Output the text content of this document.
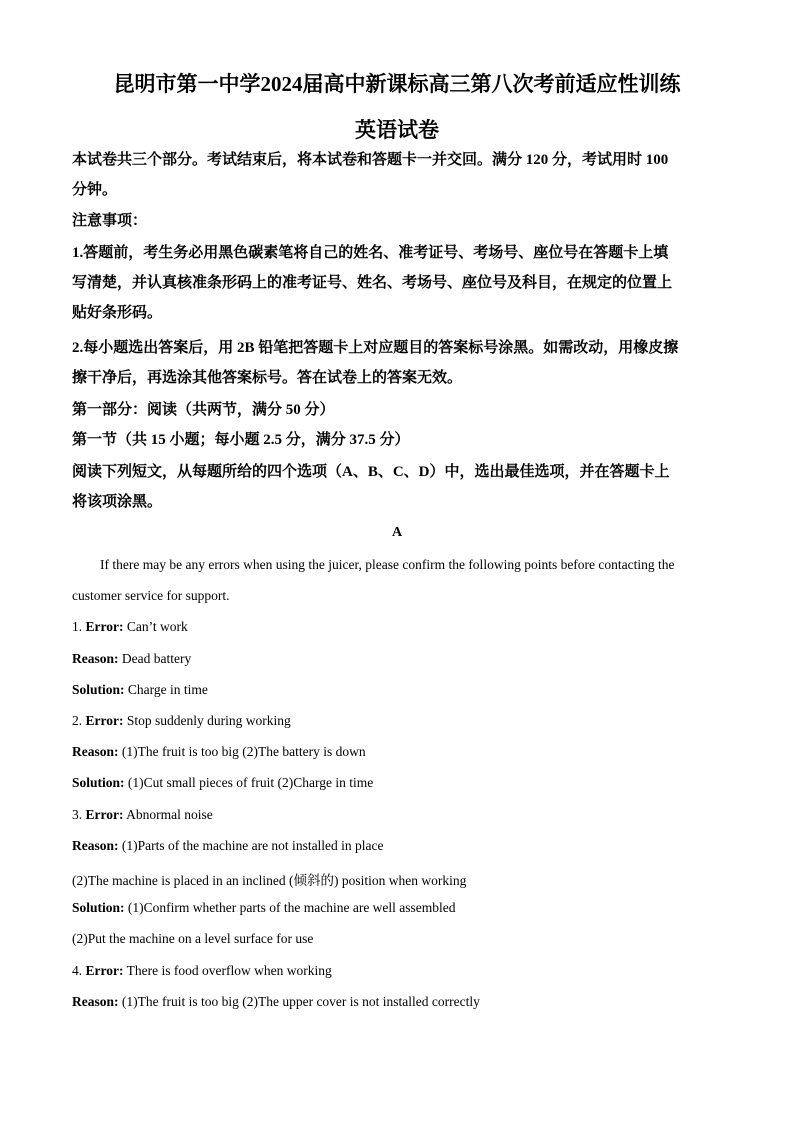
昆明市第一中学2024届高中新课标高三第八次考前适应性训练
英语试卷
本试卷共三个部分。考试结束后，将本试卷和答题卡一并交回。满分 120 分，考试用时 100
分钟。
注意事项：
1.答题前，考生务必用黑色碳素笔将自己的姓名、准考证号、考场号、座位号在答题卡上填
写清楚，并认真核准条形码上的准考证号、姓名、考场号、座位号及科目，在规定的位置上
贴好条形码。
2.每小题选出答案后，用 2B 铅笔把答题卡上对应题目的答案标号涂黑。如需改动，用橡皮擦
擦干净后，再选涂其他答案标号。答在试卷上的答案无效。
第一部分：阅读（共两节，满分 50 分）
第一节（共 15 小题；每小题 2.5 分，满分 37.5 分）
阅读下列短文，从每题所给的四个选项（A、B、C、D）中，选出最佳选项，并在答题卡上
将该项涂黑。
A
If there may be any errors when using the juicer, please confirm the following points before contacting the
customer service for support.
1. Error: Can’t work
Reason: Dead battery
Solution: Charge in time
2. Error: Stop suddenly during working
Reason: (1)The fruit is too big (2)The battery is down
Solution: (1)Cut small pieces of fruit (2)Charge in time
3. Error: Abnormal noise
Reason: (1)Parts of the machine are not installed in place
(2)The machine is placed in an inclined (倾斜的) position when working
Solution: (1)Confirm whether parts of the machine are well assembled
(2)Put the machine on a level surface for use
4. Error: There is food overflow when working
Reason: (1)The fruit is too big (2)The upper cover is not installed correctly
